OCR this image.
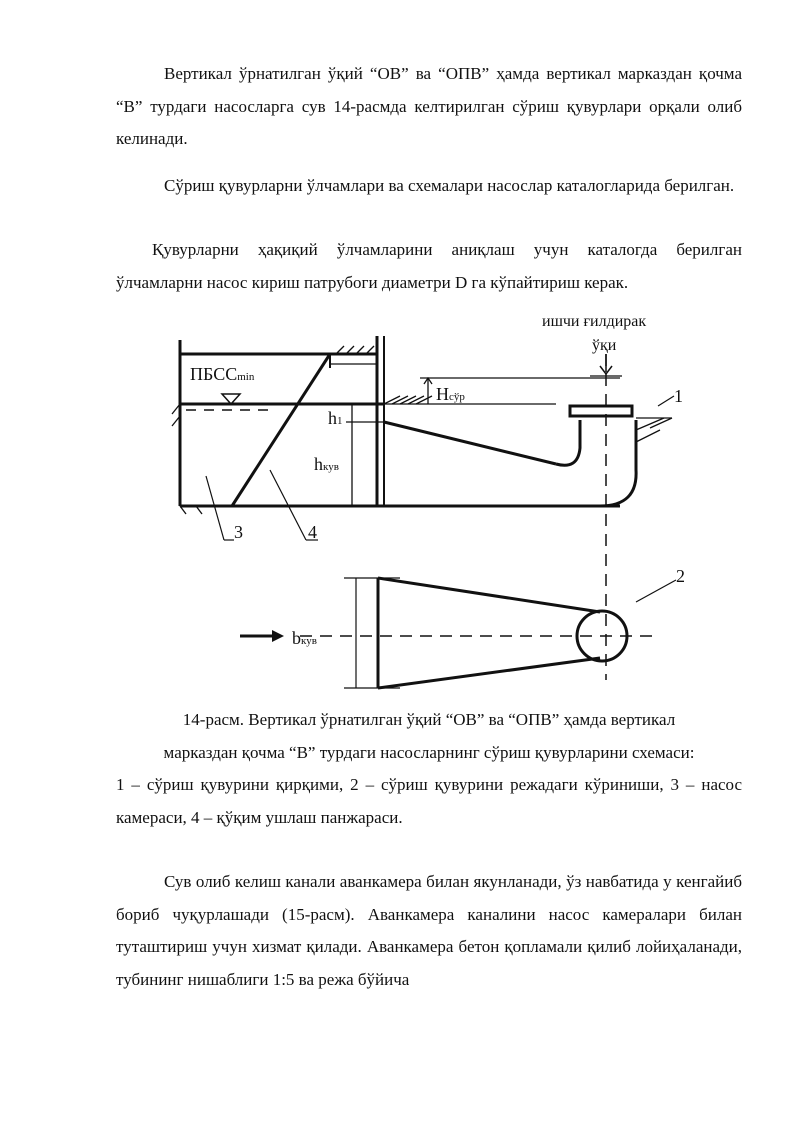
Вертикал ўрнатилган ўқий “ОВ” ва “ОПВ” ҳамда вертикал марказдан қочма “В” турдаги насосларга сув 14-расмда келтирилган сўриш қувурлари орқали олиб келинади.

Сўриш қувурларни ўлчамлари ва схемалари насослар каталогларида берилган.

Қувурларни ҳақиқий ўлчамларини аниқлаш учун каталогда берилган ўлчамларни насос кириш патрубоги диаметри D га кўпайтириш керак.

ишчи ғилдирак
ўқи
ПБССmin
Hсўр
h1
hкув
bкув
1
2
3	4
14-расм. Вертикал ўрнатилган ўқий “ОВ” ва “ОПВ” ҳамда вертикал
марказдан қочма “В” турдаги насосларнинг сўриш қувурларини схемаси:
1 – сўриш қувурини қирқими, 2 – сўриш қувурини режадаги кўриниши, 3 – насос камераси, 4 – қўқим ушлаш панжараси.

Сув олиб келиш канали аванкамера билан якунланади, ўз навбатида у кенгайиб бориб чуқурлашади (15-расм). Аванкамера каналини насос камералари билан туташтириш учун хизмат қилади. Аванкамера бетон қопламали қилиб лойиҳаланади, тубининг нишаблиги 1:5 ва режа бўйича
